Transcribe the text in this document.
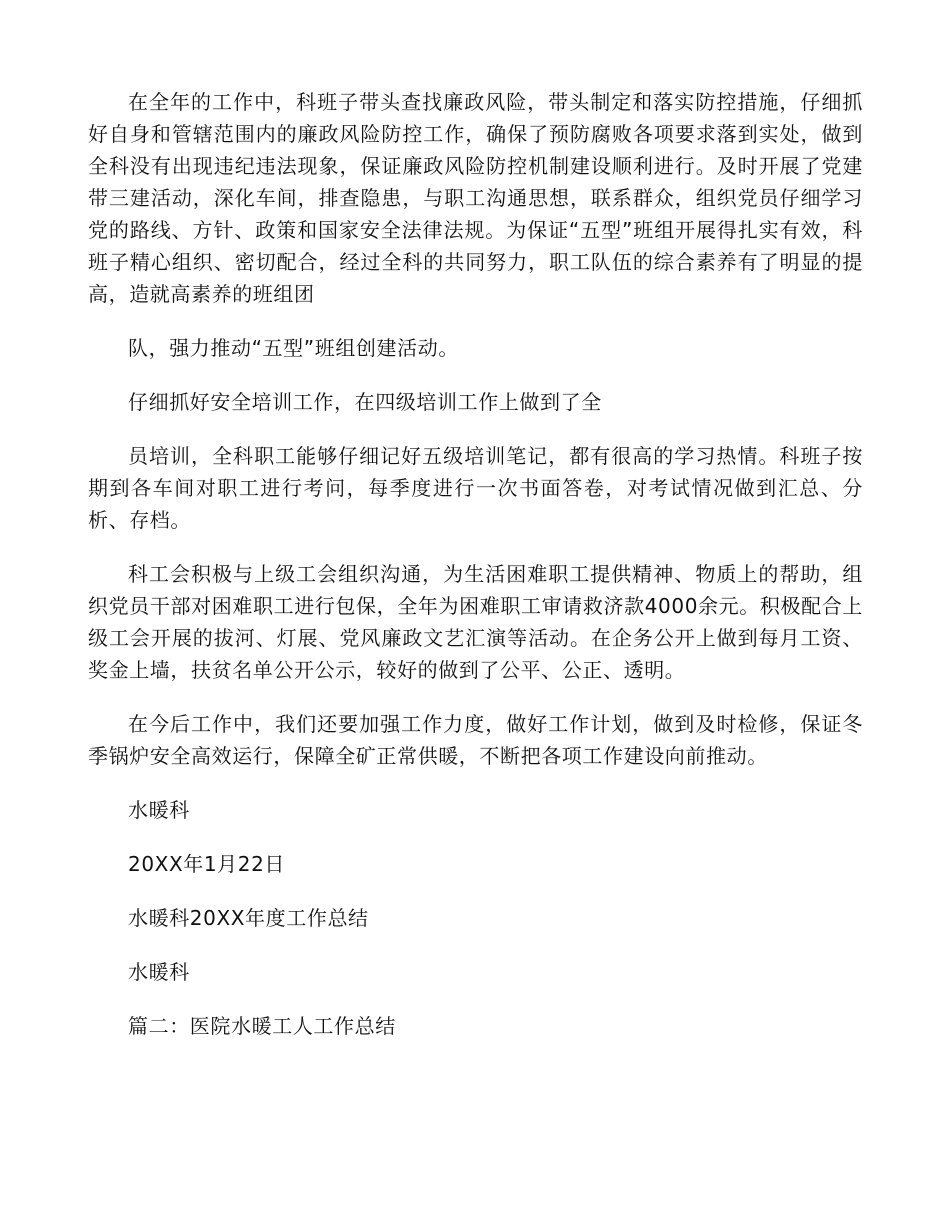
在全年的工作中，科班子带头查找廉政风险，带头制定和落实防控措施，仔细抓好自身和管辖范围内的廉政风险防控工作，确保了预防腐败各项要求落到实处，做到全科没有出现违纪违法现象，保证廉政风险防控机制建设顺利进行。及时开展了党建带三建活动，深化车间，排查隐患，与职工沟通思想，联系群众，组织党员仔细学习党的路线、方针、政策和国家安全法律法规。为保证“五型”班组开展得扎实有效，科班子精心组织、密切配合，经过全科的共同努力，职工队伍的综合素养有了明显的提高，造就高素养的班组团

队，强力推动“五型”班组创建活动。

仔细抓好安全培训工作，在四级培训工作上做到了全

员培训，全科职工能够仔细记好五级培训笔记，都有很高的学习热情。科班子按期到各车间对职工进行考问，每季度进行一次书面答卷，对考试情况做到汇总、分析、存档。

科工会积极与上级工会组织沟通，为生活困难职工提供精神、物质上的帮助，组织党员干部对困难职工进行包保，全年为困难职工审请救济款4000余元。积极配合上级工会开展的拔河、灯展、党风廉政文艺汇演等活动。在企务公开上做到每月工资、奖金上墙，扶贫名单公开公示，较好的做到了公平、公正、透明。

在今后工作中，我们还要加强工作力度，做好工作计划，做到及时检修，保证冬季锅炉安全高效运行，保障全矿正常供暖，不断把各项工作建设向前推动。

水暖科

20XX年1月22日

水暖科20XX年度工作总结

水暖科

篇二：医院水暖工人工作总结
